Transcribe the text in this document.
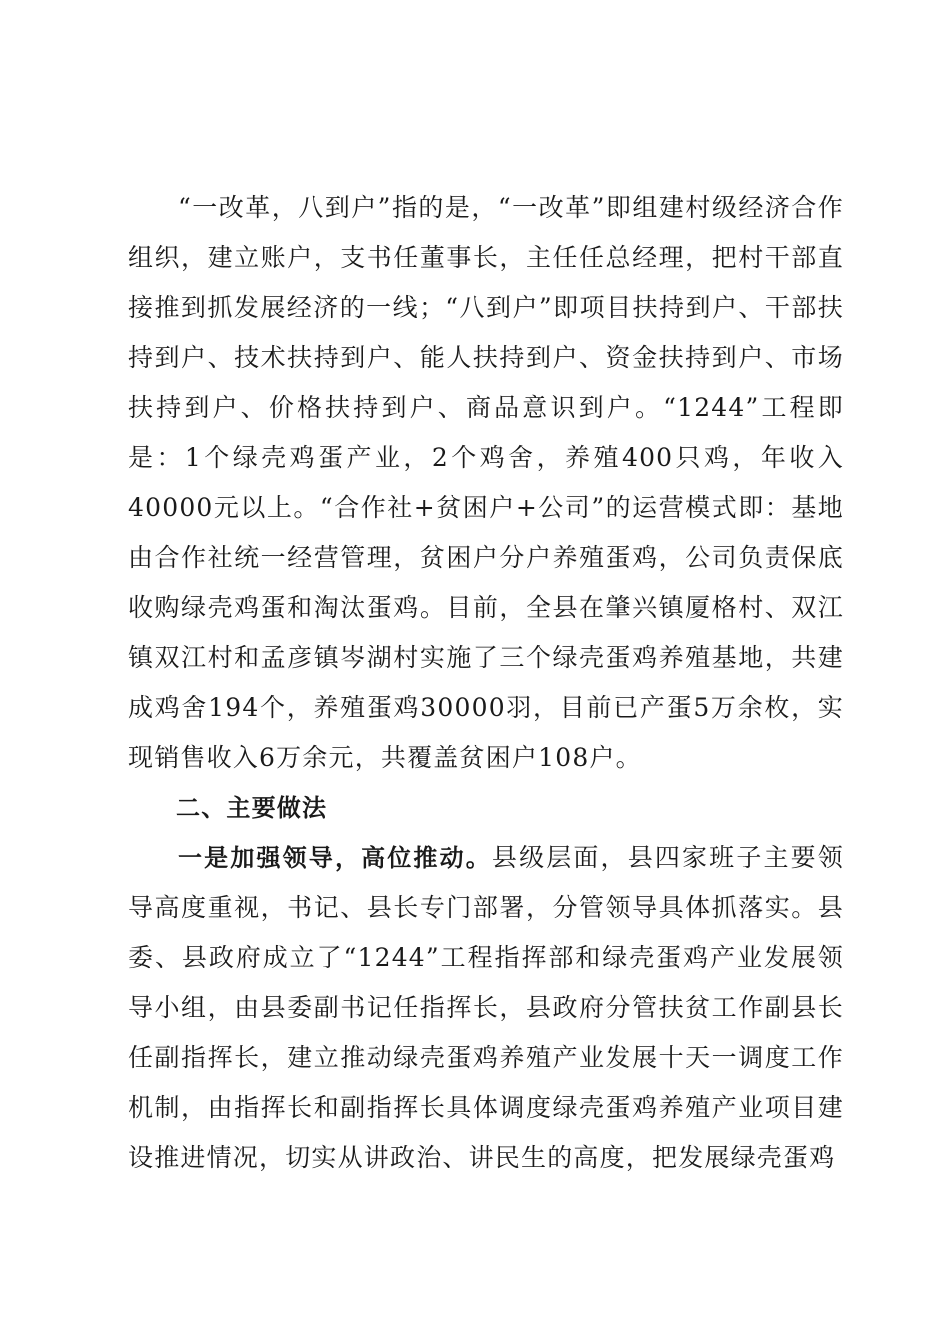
“一改革，八到户”指的是，“一改革”即组建村级经济合作组织，建立账户，支书任董事长，主任任总经理，把村干部直接推到抓发展经济的一线；“八到户”即项目扶持到户、干部扶持到户、技术扶持到户、能人扶持到户、资金扶持到户、市场扶持到户、价格扶持到户、商品意识到户。“1244”工程即是：1个绿壳鸡蛋产业，2个鸡舍，养殖400只鸡，年收入40000元以上。“合作社+贫困户+公司”的运营模式即：基地由合作社统一经营管理，贫困户分户养殖蛋鸡，公司负责保底收购绿壳鸡蛋和淘汰蛋鸡。目前，全县在肇兴镇厦格村、双江镇双江村和孟彦镇岑湖村实施了三个绿壳蛋鸡养殖基地，共建成鸡舍194个，养殖蛋鸡30000羽，目前已产蛋5万余枚，实现销售收入6万余元，共覆盖贫困户108户。

二、主要做法

一是加强领导，高位推动。县级层面，县四家班子主要领导高度重视，书记、县长专门部署，分管领导具体抓落实。县委、县政府成立了“1244”工程指挥部和绿壳蛋鸡产业发展领导小组，由县委副书记任指挥长，县政府分管扶贫工作副县长任副指挥长，建立推动绿壳蛋鸡养殖产业发展十天一调度工作机制，由指挥长和副指挥长具体调度绿壳蛋鸡养殖产业项目建设推进情况，切实从讲政治、讲民生的高度，把发展绿壳蛋鸡
